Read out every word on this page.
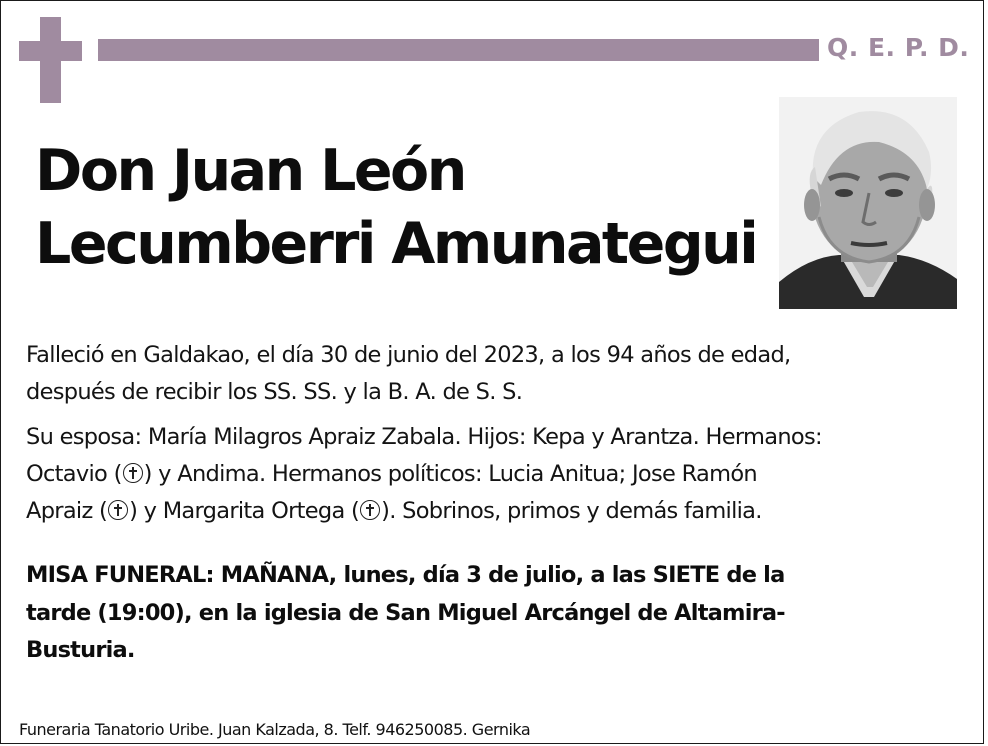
Q. E. P. D.
Don Juan León
Lecumberri Amunategui

Falleció en Galdakao, el día 30 de junio del 2023, a los 94 años de edad,
después de recibir los SS. SS. y la B. A. de S. S.

Su esposa: María Milagros Apraiz Zabala. Hijos: Kepa y Arantza. Hermanos:
Octavio ( ) y Andima. Hermanos políticos: Lucia Anitua; Jose Ramón
Apraiz ( ) y Margarita Ortega ( ). Sobrinos, primos y demás familia.

MISA FUNERAL: MAÑANA, lunes, día 3 de julio, a las SIETE de la
tarde (19:00), en la iglesia de San Miguel Arcángel de Altamira-
Busturia.
Funeraria Tanatorio Uribe. Juan Kalzada, 8. Telf. 946250085. Gernika
